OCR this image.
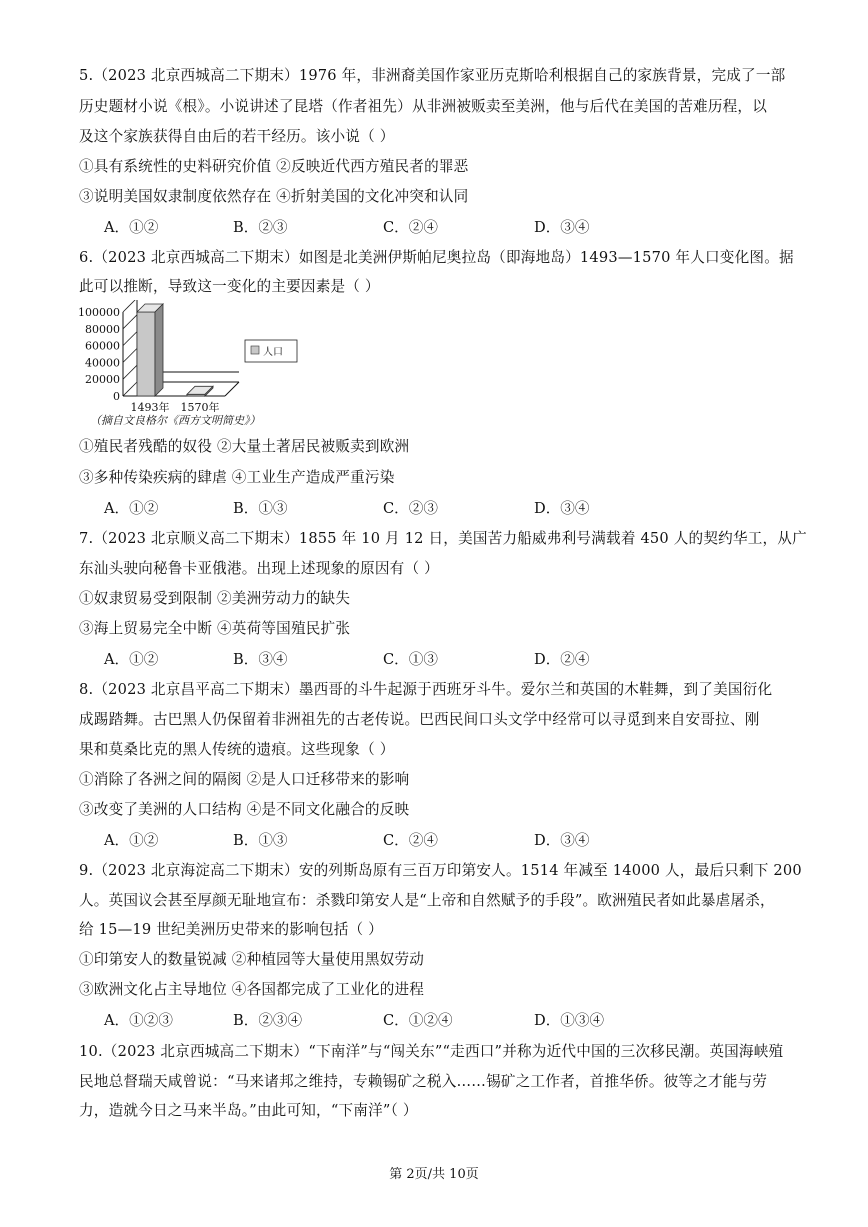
5.（2023 北京西城高二下期末）1976 年，非洲裔美国作家亚历克斯哈利根据自己的家族背景，完成了一部
历史题材小说《根》。小说讲述了昆塔（作者祖先）从非洲被贩卖至美洲，他与后代在美国的苦难历程，以
及这个家族获得自由后的若干经历。该小说（ ）
①具有系统性的史料研究价值 ②反映近代西方殖民者的罪恶
③说明美国奴隶制度依然存在 ④折射美国的文化冲突和认同
A．①②	B．②③	C．②④	D．③④
6.（2023 北京西城高二下期末）如图是北美洲伊斯帕尼奥拉岛（即海地岛）1493—1570 年人口变化图。据
此可以推断，导致这一变化的主要因素是（ ）
100000
80000
60000
40000
20000
0
1493年 1570年
人口
（摘自文良格尔《西方文明简史》）
①殖民者残酷的奴役 ②大量土著居民被贩卖到欧洲
③多种传染疾病的肆虐 ④工业生产造成严重污染
A．①②	B．①③	C．②③	D．③④
7.（2023 北京顺义高二下期末）1855 年 10 月 12 日，美国苦力船威弗利号满载着 450 人的契约华工，从广
东汕头驶向秘鲁卡亚俄港。出现上述现象的原因有（ ）
①奴隶贸易受到限制 ②美洲劳动力的缺失
③海上贸易完全中断 ④英荷等国殖民扩张
A．①②	B．③④	C．①③	D．②④
8.（2023 北京昌平高二下期末）墨西哥的斗牛起源于西班牙斗牛。爱尔兰和英国的木鞋舞，到了美国衍化
成踢踏舞。古巴黑人仍保留着非洲祖先的古老传说。巴西民间口头文学中经常可以寻觅到来自安哥拉、刚
果和莫桑比克的黑人传统的遗痕。这些现象（ ）
①消除了各洲之间的隔阂 ②是人口迁移带来的影响
③改变了美洲的人口结构 ④是不同文化融合的反映
A．①②	B．①③	C．②④	D．③④
9.（2023 北京海淀高二下期末）安的列斯岛原有三百万印第安人。1514 年减至 14000 人，最后只剩下 200
人。英国议会甚至厚颜无耻地宣布：杀戮印第安人是“上帝和自然赋予的手段”。欧洲殖民者如此暴虐屠杀，
给 15—19 世纪美洲历史带来的影响包括（ ）
①印第安人的数量锐减 ②种植园等大量使用黑奴劳动
③欧洲文化占主导地位 ④各国都完成了工业化的进程
A．①②③	B．②③④	C．①②④	D．①③④
10.（2023 北京西城高二下期末）“下南洋”与“闯关东”“走西口”并称为近代中国的三次移民潮。英国海峡殖
民地总督瑞天咸曾说：“马来诸邦之维持，专赖锡矿之税入……锡矿之工作者，首推华侨。彼等之才能与劳
力，造就今日之马来半岛。”由此可知，“下南洋”（ ）
第 2页/共 10页
